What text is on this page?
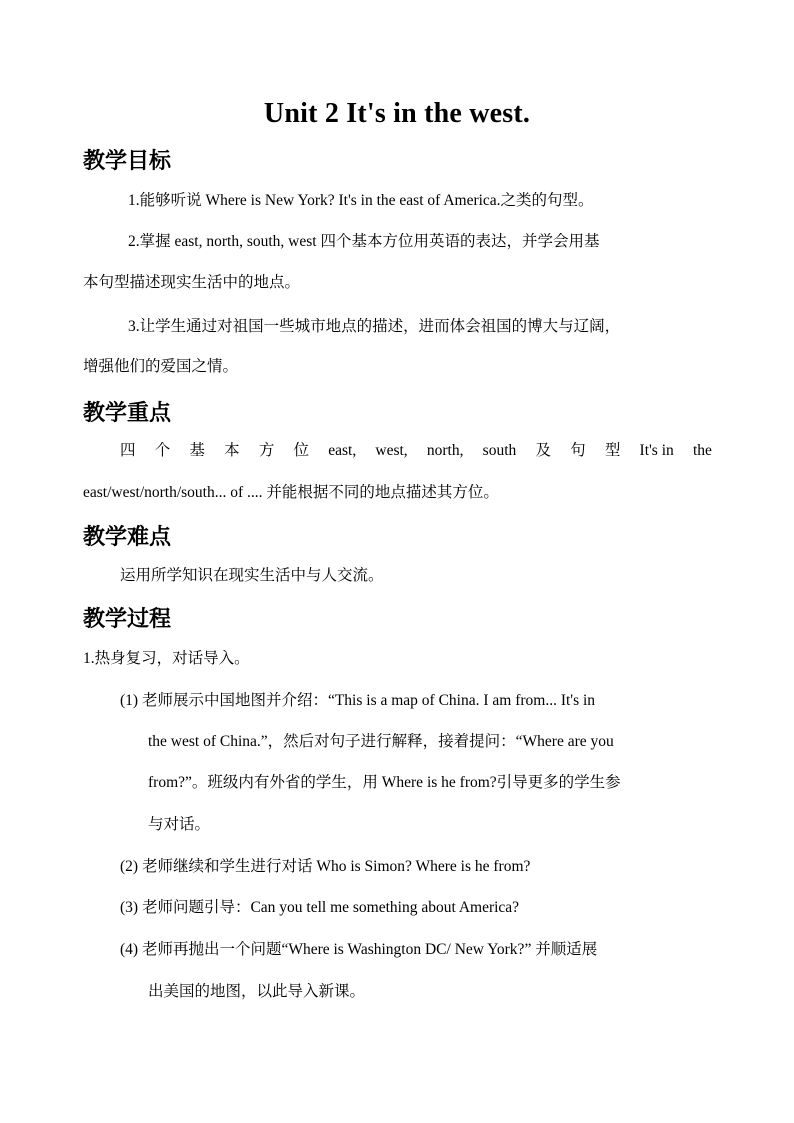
Unit 2 It's in the west.
教学目标
1.能够听说 Where is New York? It's in the east of America.之类的句型。
2.掌握 east, north, south, west 四个基本方位用英语的表达，并学会用基
本句型描述现实生活中的地点。
3.让学生通过对祖国一些城市地点的描述，进而体会祖国的博大与辽阔，
增强他们的爱国之情。
教学重点
四 个 基 本 方 位 east, west, north, south 及 句 型 It's in the
east/west/north/south... of .... 并能根据不同的地点描述其方位。
教学难点
运用所学知识在现实生活中与人交流。
教学过程
1.热身复习，对话导入。
(1) 老师展示中国地图并介绍：“This is a map of China. I am from... It's in
the west of China.”，然后对句子进行解释，接着提问：“Where are you
from?”。班级内有外省的学生，用 Where is he from?引导更多的学生参
与对话。
(2) 老师继续和学生进行对话 Who is Simon? Where is he from?
(3) 老师问题引导：Can you tell me something about America?
(4) 老师再抛出一个问题“Where is Washington DC/ New York?” 并顺适展
出美国的地图，以此导入新课。
